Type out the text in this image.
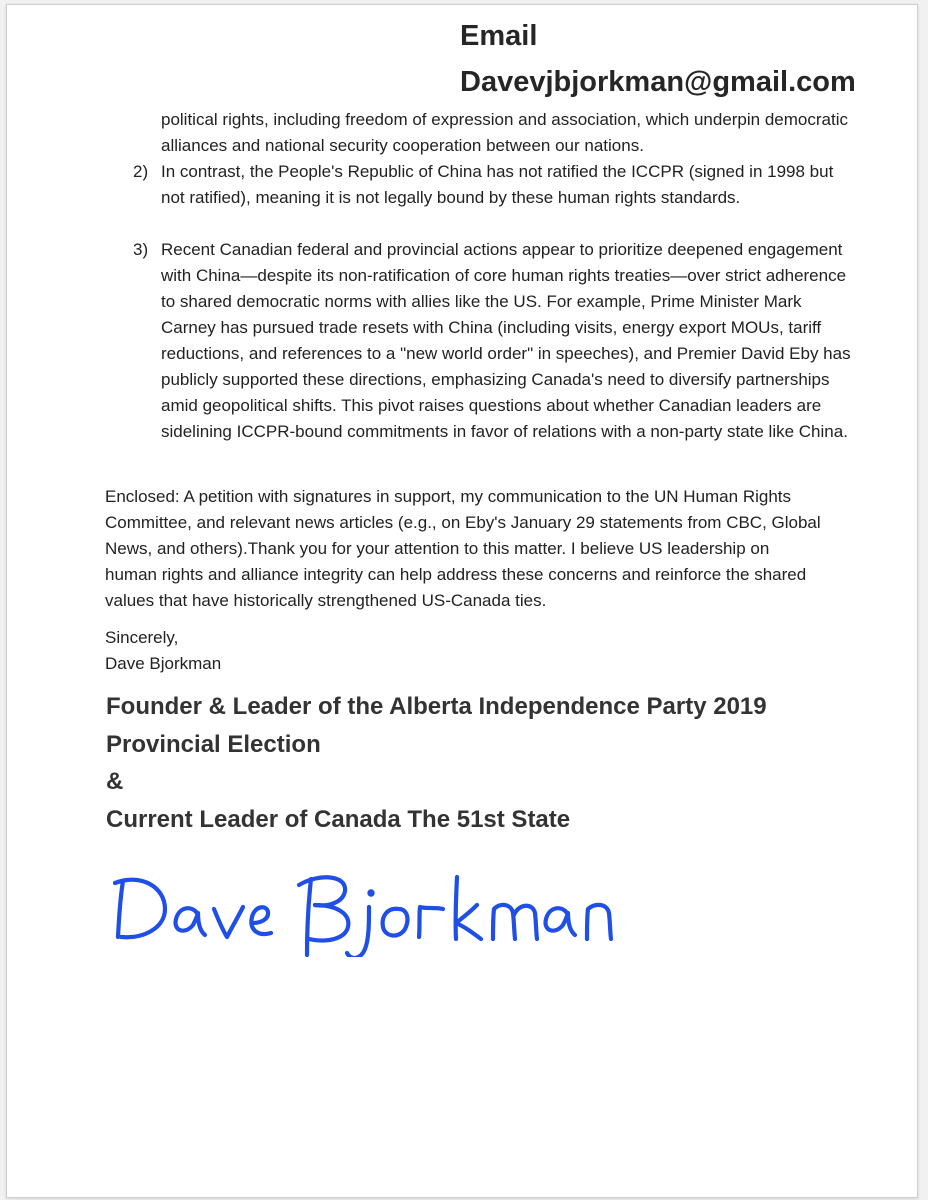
Email
Davevjbjorkman@gmail.com
political rights, including freedom of expression and association, which underpin democratic alliances and national security cooperation between our nations.
2) In contrast, the People's Republic of China has not ratified the ICCPR (signed in 1998 but not ratified), meaning it is not legally bound by these human rights standards.
3) Recent Canadian federal and provincial actions appear to prioritize deepened engagement with China—despite its non-ratification of core human rights treaties—over strict adherence to shared democratic norms with allies like the US. For example, Prime Minister Mark Carney has pursued trade resets with China (including visits, energy export MOUs, tariff reductions, and references to a "new world order" in speeches), and Premier David Eby has publicly supported these directions, emphasizing Canada's need to diversify partnerships amid geopolitical shifts. This pivot raises questions about whether Canadian leaders are sidelining ICCPR-bound commitments in favor of relations with a non-party state like China.
Enclosed: A petition with signatures in support, my communication to the UN Human Rights Committee, and relevant news articles (e.g., on Eby's January 29 statements from CBC, Global News, and others).Thank you for your attention to this matter. I believe US leadership on human rights and alliance integrity can help address these concerns and reinforce the shared values that have historically strengthened US-Canada ties.
Sincerely,
Dave Bjorkman
Founder & Leader of the Alberta Independence Party 2019
Provincial Election
&
Current Leader of Canada The 51st State
